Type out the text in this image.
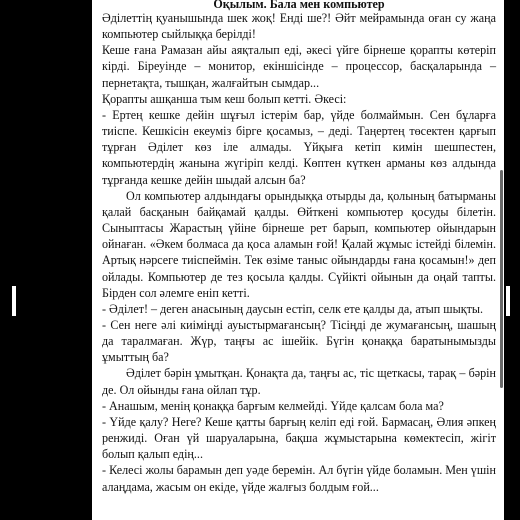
Оқылым. Бала мен компьютер

Әділеттің қуанышында шек жоқ! Енді ше?! Әйт мейрамында оған су жаңа компьютер сыйлыққа берілді!

Кеше ғана Рамазан айы аяқталып еді, әкесі үйге бірнеше қорапты көтеріп кірді. Біреуінде – монитор, екіншісінде – процессор, басқаларында – пернетақта, тышқан, жалғайтын сымдар...

Қорапты ашқанша тым кеш болып кетті. Әкесі:

- Ертең кешке дейін шұғыл істерім бар, үйде болмаймын. Сен бұларға тиіспе. Кешкісін екеуміз бірге қосамыз, – деді. Таңертең төсектен қарғып тұрған Әділет көз іле алмады. Үйқыға кетіп кимін шешпестен, компьютердің жанына жүгіріп келді. Көптен күткен арманы көз алдында тұрғанда кешке дейін шыдай алсын ба?

Ол компьютер алдындағы орындыққа отырды да, қолының батырманы қалай басқанын байқамай қалды. Өйткені компьютер қосуды білетін. Сыныптасы Жарастың үйіне бірнеше рет барып, компьютер ойындарын ойнаған. «Әкем болмаса да қоса аламын ғой! Қалай жұмыс істейді білемін. Артық нәрсеге тиіспеймін. Тек өзіме таныс ойындарды ғана қосамын!» деп ойлады. Компьютер де тез қосыла қалды. Сүйікті ойынын да оңай тапты. Бірден сол әлемге еніп кетті.

- Әділет! – деген анасының даусын естіп, селк ете қалды да, атып шықты.

- Сен неге әлі киіміңді ауыстырмағансың? Тісіңді де жумағансың, шашың да таралмаған. Жүр, таңғы ас ішейік. Бүгін қонаққа баратынымызды ұмыттың ба?

Әділет бәрін ұмытқан. Қонақта да, таңғы ас, тіс щеткасы, тарақ – бәрін де. Ол ойынды ғана ойлап тұр.

- Анашым, менің қонаққа барғым келмейді. Үйде қалсам бола ма?

- Үйде қалу? Неге? Кеше қатты барғың келіп еді ғой. Бармасаң, Әлия әпкең ренжиді. Оған үй шаруаларына, бақша жұмыстарына көмектесіп, жігіт болып қалып едің...

- Келесі жолы барамын деп уәде беремін. Ал бүгін үйде боламын. Мен үшін алаңдама, жасым он екіде, үйде жалғыз болдым ғой...
